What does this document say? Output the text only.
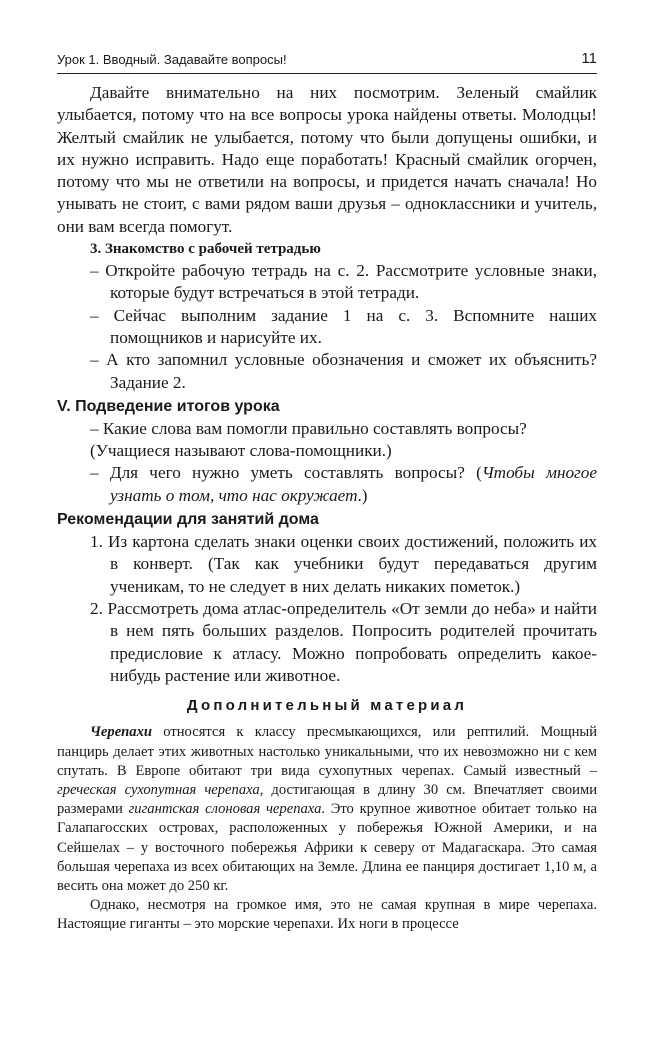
Урок 1. Вводный. Задавайте вопросы!	11

Давайте внимательно на них посмотрим. Зеленый смайлик улыбается, потому что на все вопросы урока найдены ответы. Молодцы! Желтый смайлик не улыбается, потому что были допущены ошибки, и их нужно исправить. Надо еще поработать! Красный смайлик огорчен, потому что мы не ответили на вопросы, и придется начать сначала! Но унывать не стоит, с вами рядом ваши друзья – одноклассники и учитель, они вам всегда помогут.

3. Знакомство с рабочей тетрадью

– Откройте рабочую тетрадь на с. 2. Рассмотрите условные знаки, которые будут встречаться в этой тетради.

– Сейчас выполним задание 1 на с. 3. Вспомните наших помощников и нарисуйте их.

– А кто запомнил условные обозначения и сможет их объяснить? Задание 2.

V. Подведение итогов урока

– Какие слова вам помогли правильно составлять вопросы?

(Учащиеся называют слова-помощники.)

– Для чего нужно уметь составлять вопросы? (Чтобы многое узнать о том, что нас окружает.)

Рекомендации для занятий дома

1. Из картона сделать знаки оценки своих достижений, положить их в конверт. (Так как учебники будут передаваться другим ученикам, то не следует в них делать никаких пометок.)

2. Рассмотреть дома атлас-определитель «От земли до неба» и найти в нем пять больших разделов. Попросить родителей прочитать предисловие к атласу. Можно попробовать определить какое-нибудь растение или животное.

Дополнительный материал

Черепахи относятся к классу пресмыкающихся, или рептилий. Мощный панцирь делает этих животных настолько уникальными, что их невозможно ни с кем спутать. В Европе обитают три вида сухопутных черепах. Самый известный – греческая сухопутная черепаха, достигающая в длину 30 см. Впечатляет своими размерами гигантская слоновая черепаха. Это крупное животное обитает только на Галапагосских островах, расположенных у побережья Южной Америки, и на Сейшелах – у восточного побережья Африки к северу от Мадагаскара. Это самая большая черепаха из всех обитающих на Земле. Длина ее панциря достигает 1,10 м, а весить она может до 250 кг.

Однако, несмотря на громкое имя, это не самая крупная в мире черепаха. Настоящие гиганты – это морские черепахи. Их ноги в процессе
